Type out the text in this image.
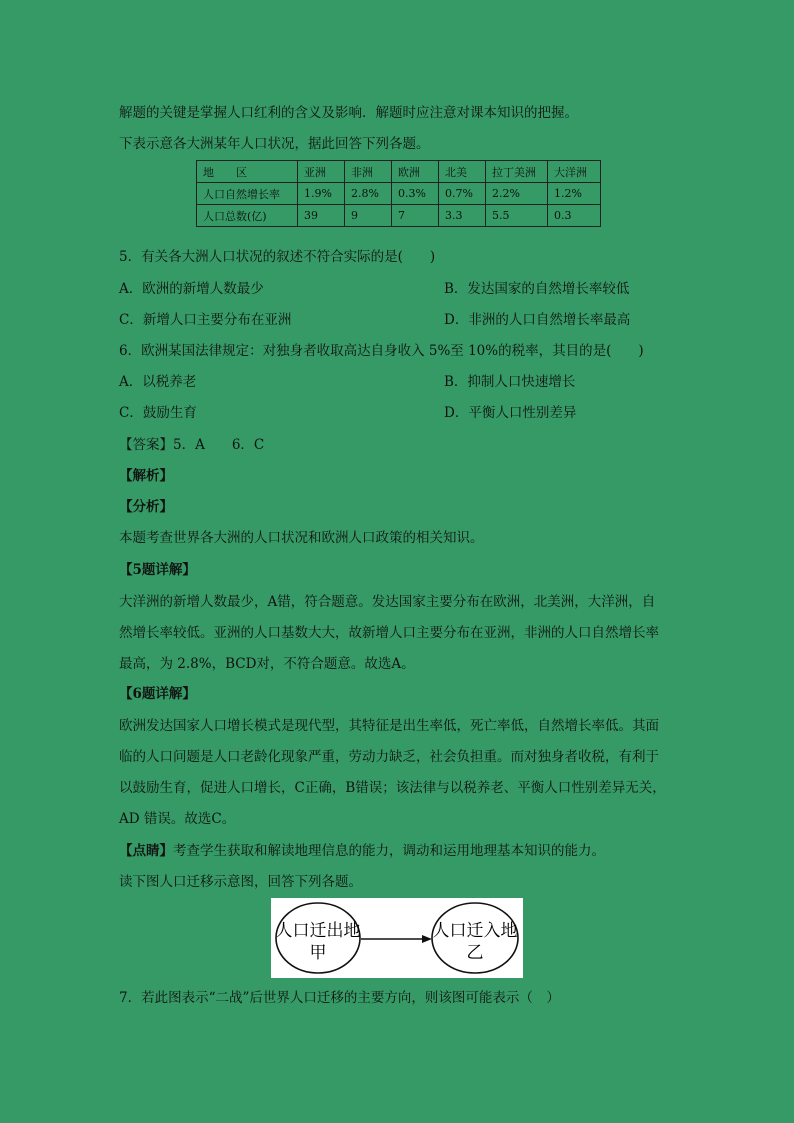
解题的关键是掌握人口红利的含义及影响．解题时应注意对课本知识的把握。
下表示意各大洲某年人口状况，据此回答下列各题。
地　　区	亚洲	非洲	欧洲	北美	拉丁美洲	大洋洲
人口自然增长率	1.9%	2.8%	0.3%	0.7%	2.2%	1.2%
人口总数(亿)	39	9	7	3.3	5.5	0.3
5．有关各大洲人口状况的叙述不符合实际的是(　　)
A．欧洲的新增人数最少	B．发达国家的自然增长率较低
C．新增人口主要分布在亚洲	D．非洲的人口自然增长率最高
6．欧洲某国法律规定：对独身者收取高达自身收入 5%至 10%的税率，其目的是(　　)
A．以税养老	B．抑制人口快速增长
C．鼓励生育	D．平衡人口性别差异
【答案】5．A　　6．C
【解析】
【分析】
本题考查世界各大洲的人口状况和欧洲人口政策的相关知识。
【5题详解】
大洋洲的新增人数最少，A错，符合题意。发达国家主要分布在欧洲，北美洲，大洋洲，自
然增长率较低。亚洲的人口基数大大，故新增人口主要分布在亚洲，非洲的人口自然增长率
最高，为 2.8%，BCD对，不符合题意。故选A。
【6题详解】
欧洲发达国家人口增长模式是现代型，其特征是出生率低，死亡率低，自然增长率低。其面
临的人口问题是人口老龄化现象严重，劳动力缺乏，社会负担重。而对独身者收税，有利于
以鼓励生育，促进人口增长，C正确，B错误；该法律与以税养老、平衡人口性别差异无关，
AD 错误。故选C。
【点睛】考查学生获取和解读地理信息的能力，调动和运用地理基本知识的能力。
读下图人口迁移示意图，回答下列各题。
人口迁出地
甲
人口迁入地
乙
7．若此图表示“二战”后世界人口迁移的主要方向，则该图可能表示（　）
